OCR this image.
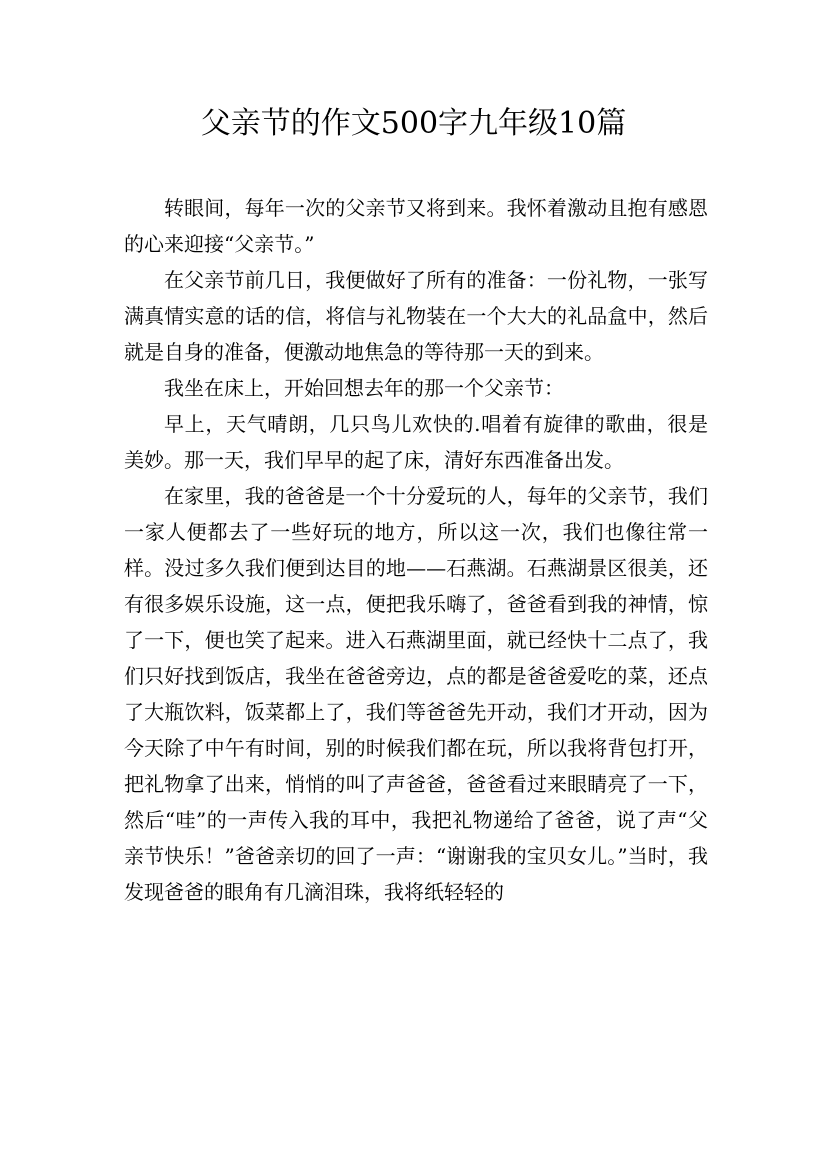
父亲节的作文500字九年级10篇

转眼间，每年一次的父亲节又将到来。我怀着激动且抱有感恩的心来迎接“父亲节。”

在父亲节前几日，我便做好了所有的准备：一份礼物，一张写满真情实意的话的信，将信与礼物装在一个大大的礼品盒中，然后就是自身的准备，便激动地焦急的等待那一天的到来。

我坐在床上，开始回想去年的那一个父亲节：

早上，天气晴朗，几只鸟儿欢快的.唱着有旋律的歌曲，很是美妙。那一天，我们早早的起了床，清好东西准备出发。

在家里，我的爸爸是一个十分爱玩的人，每年的父亲节，我们一家人便都去了一些好玩的地方，所以这一次，我们也像往常一样。没过多久我们便到达目的地——石燕湖。石燕湖景区很美，还有很多娱乐设施，这一点，便把我乐嗨了，爸爸看到我的神情，惊了一下，便也笑了起来。进入石燕湖里面，就已经快十二点了，我们只好找到饭店，我坐在爸爸旁边，点的都是爸爸爱吃的菜，还点了大瓶饮料，饭菜都上了，我们等爸爸先开动，我们才开动，因为今天除了中午有时间，别的时候我们都在玩，所以我将背包打开，把礼物拿了出来，悄悄的叫了声爸爸，爸爸看过来眼睛亮了一下，然后“哇”的一声传入我的耳中，我把礼物递给了爸爸，说了声“父亲节快乐！”爸爸亲切的回了一声：“谢谢我的宝贝女儿。”当时，我发现爸爸的眼角有几滴泪珠，我将纸轻轻的
